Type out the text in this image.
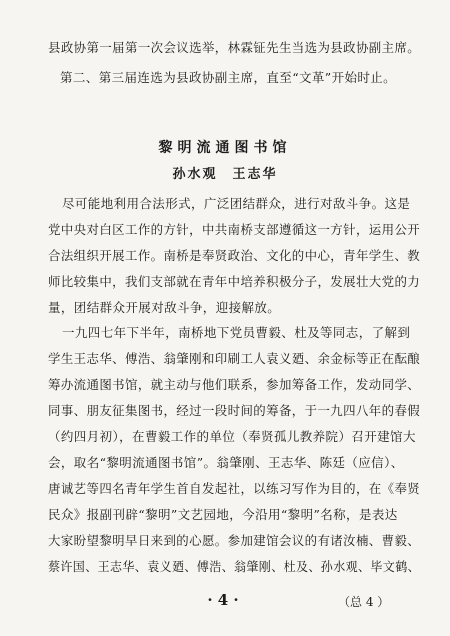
县政协第一届第一次会议选举，林霖钲先生当选为县政协副主席。
第二、第三届连选为县政协副主席，直至“文革”开始时止。
黎明流通图书馆
孙水观　王志华
尽可能地利用合法形式，广泛团结群众，进行对敌斗争。这是
党中央对白区工作的方针，中共南桥支部遵循这一方针，运用公开
合法组织开展工作。南桥是奉贤政治、文化的中心，青年学生、教
师比较集中，我们支部就在青年中培养积极分子，发展壮大党的力
量，团结群众开展对敌斗争，迎接解放。
一九四七年下半年，南桥地下党员曹毅、杜及等同志，了解到
学生王志华、傅浩、翁肇刚和印刷工人袁义廼、余金标等正在酝酿
筹办流通图书馆，就主动与他们联系，参加筹备工作，发动同学、
同事、朋友征集图书，经过一段时间的筹备，于一九四八年的春假
（约四月初），在曹毅工作的单位（奉贤孤儿教养院）召开建馆大
会，取名“黎明流通图书馆”。翁肇刚、王志华、陈廷（应信）、
唐诚艺等四名青年学生首自发起社，以练习写作为目的，在《奉贤
民众》报副刊辟“黎明”文艺园地，今沿用“黎明”名称，是表达
大家盼望黎明早日来到的心愿。参加建馆会议的有诸汝楠、曹毅、
蔡许国、王志华、袁义廼、傅浩、翁肇刚、杜及、孙水观、毕文鹤、
· 4 ·	（总 4 ）
